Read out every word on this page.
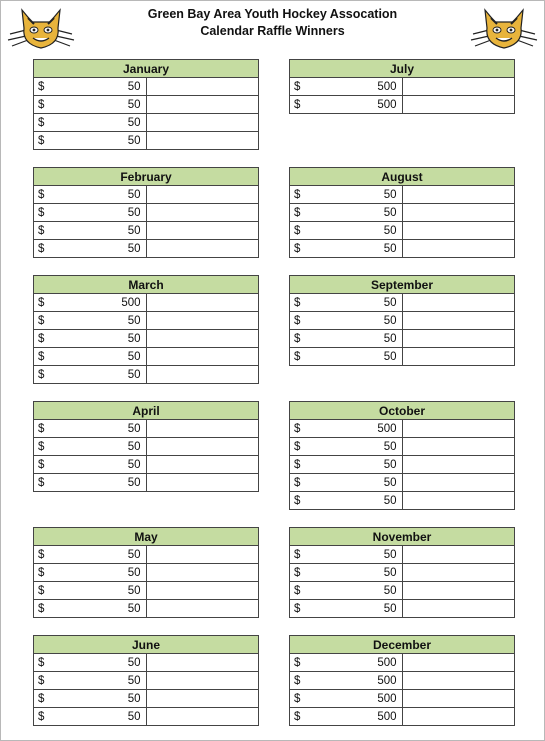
Green Bay Area Youth Hockey Assocation
Calendar Raffle Winners
January	

$ 50	

$ 50	

$ 50	

$ 50	

February	

$ 50	

$ 50	

$ 50	

$ 50	

March	

$ 500	

$ 50	

$ 50	

$ 50	

$ 50	

April	

$ 50	

$ 50	

$ 50	

$ 50	

May	

$ 50	

$ 50	

$ 50	

$ 50	

June	

$ 50	

$ 50	

$ 50	

$ 50	

July	

$ 500	

$ 500	

August	

$ 50	

$ 50	

$ 50	

$ 50	

September	

$ 50	

$ 50	

$ 50	

$ 50	

October	

$ 500	

$ 50	

$ 50	

$ 50	

$ 50	

November	

$ 50	

$ 50	

$ 50	

$ 50	

December	

$ 500	

$ 500	

$ 500	

$ 500	
